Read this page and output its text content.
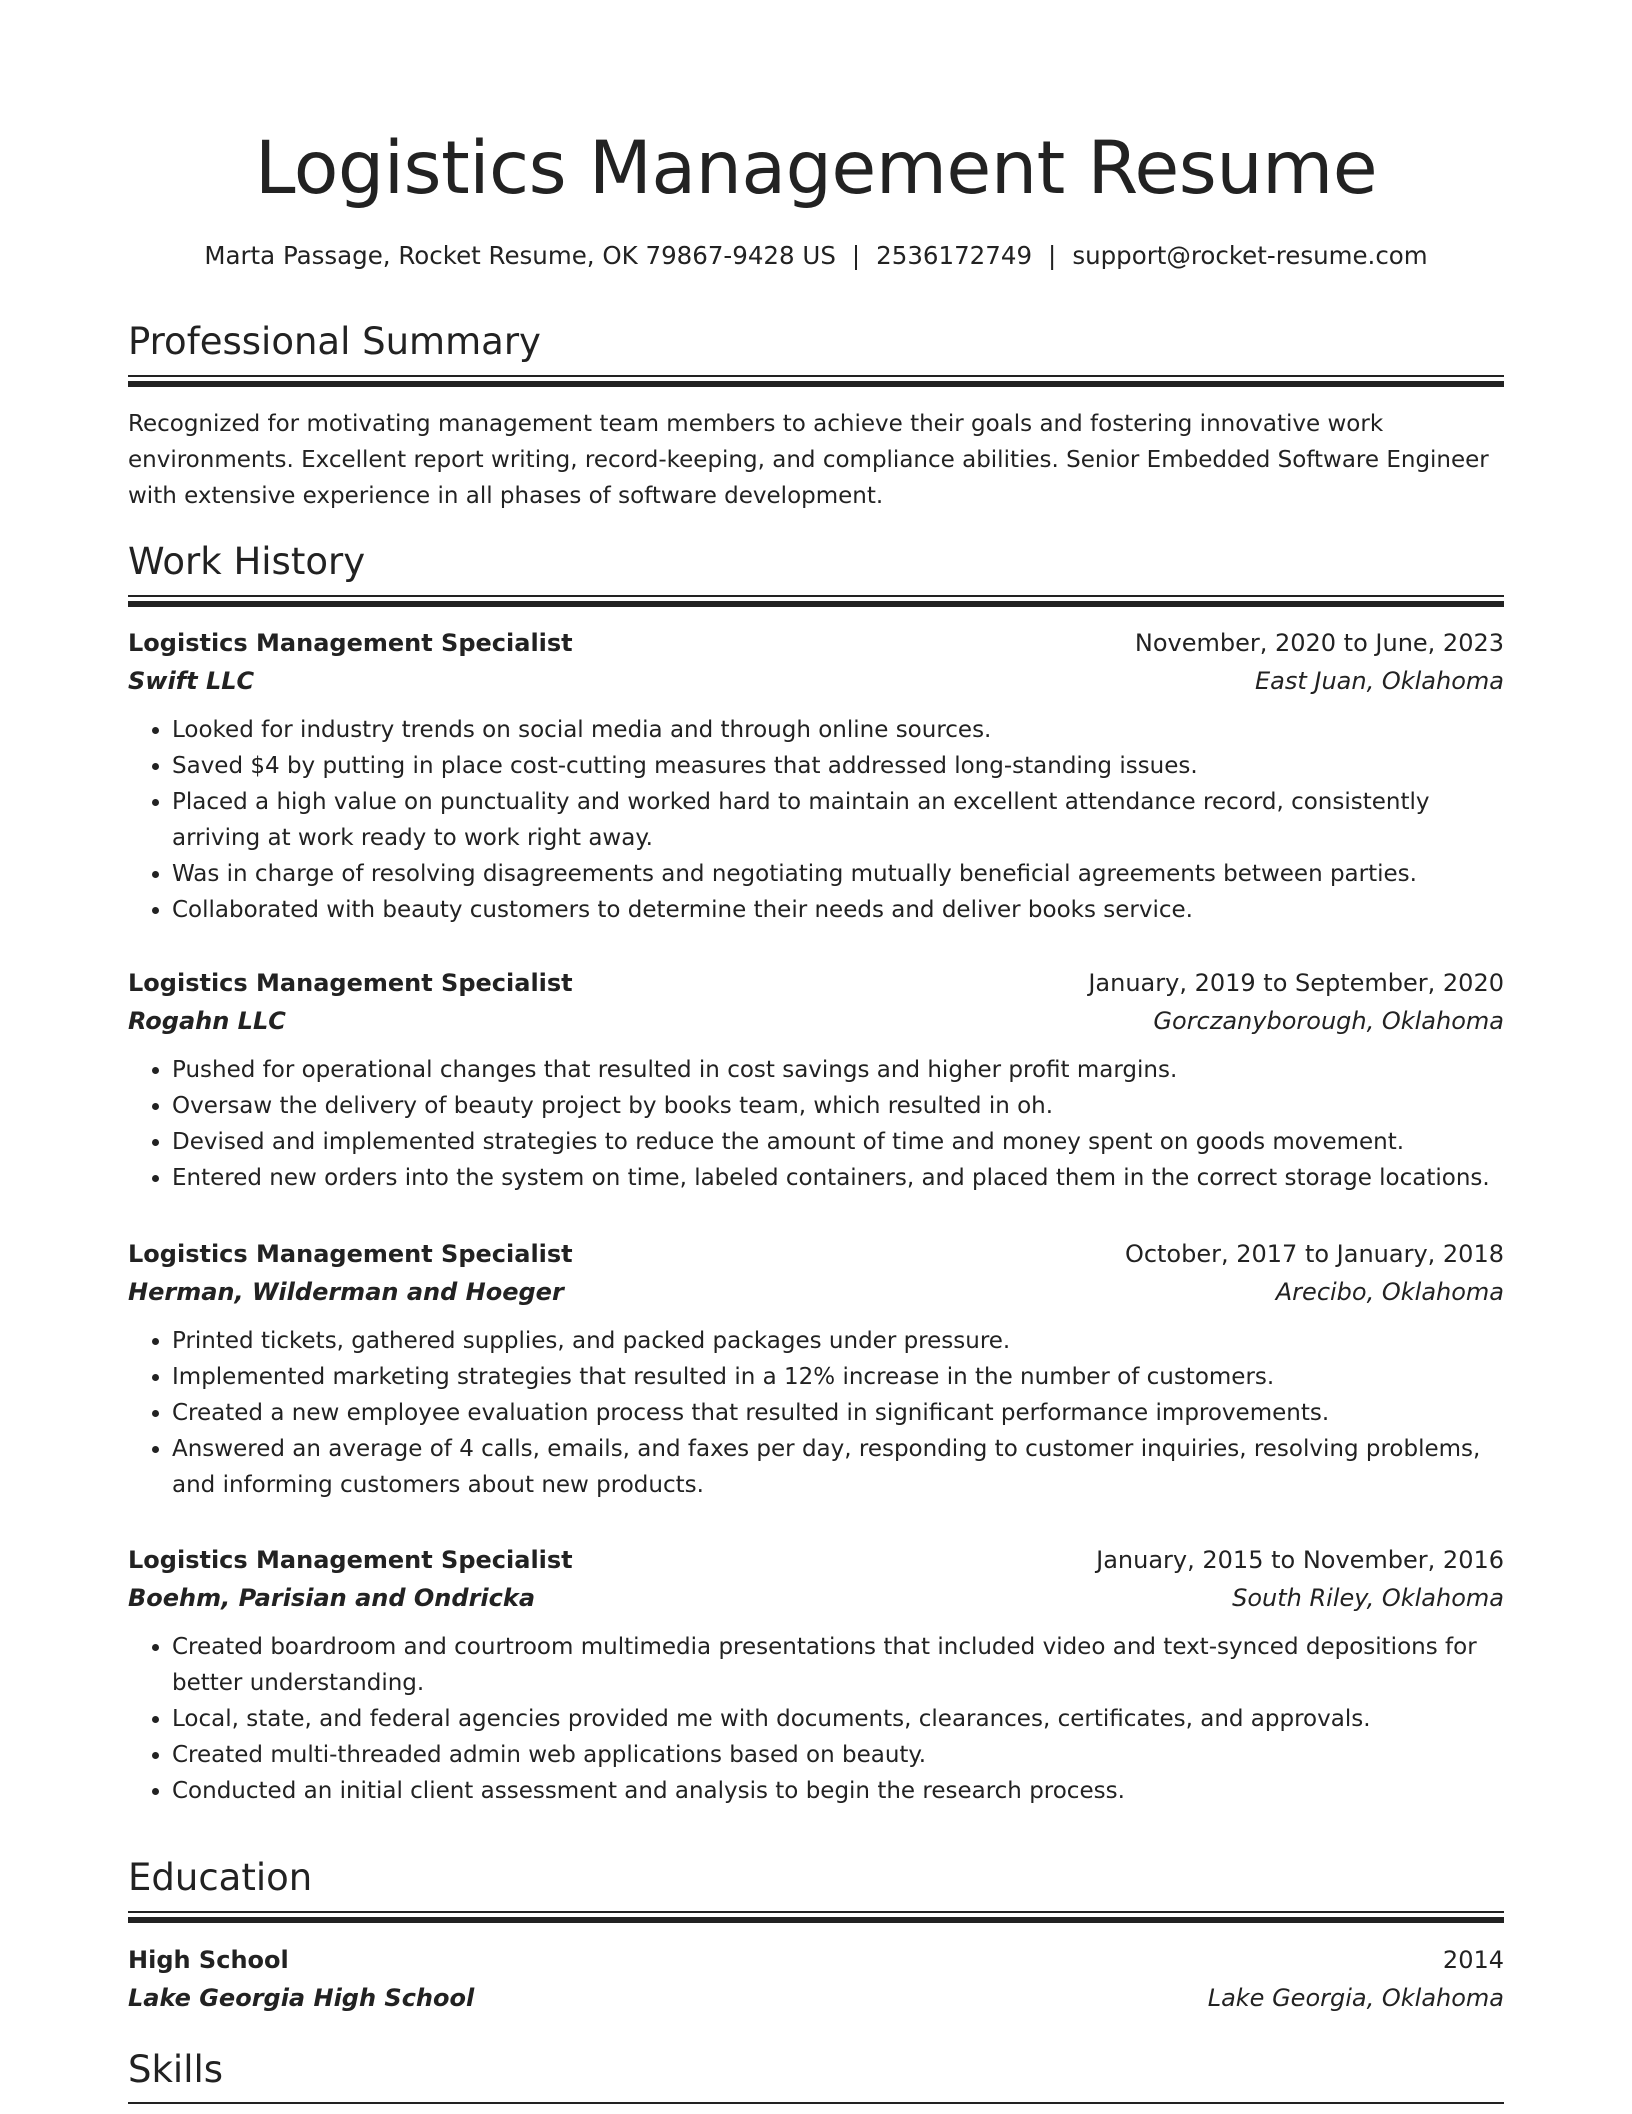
Logistics Management Resume
Marta Passage, Rocket Resume, OK 79867-9428 US | 2536172749 | support@rocket-resume.com
Professional Summary

Recognized for motivating management team members to achieve their goals and fostering innovative work environments. Excellent report writing, record-keeping, and compliance abilities. Senior Embedded Software Engineer with extensive experience in all phases of software development.

Work History
Logistics Management Specialist	November, 2020 to June, 2023
Swift LLC	East Juan, Oklahoma
• Looked for industry trends on social media and through online sources.
• Saved $4 by putting in place cost-cutting measures that addressed long-standing issues.
• Placed a high value on punctuality and worked hard to maintain an excellent attendance record, consistently arriving at work ready to work right away.
• Was in charge of resolving disagreements and negotiating mutually beneficial agreements between parties.
• Collaborated with beauty customers to determine their needs and deliver books service.
Logistics Management Specialist	January, 2019 to September, 2020
Rogahn LLC	Gorczanyborough, Oklahoma
• Pushed for operational changes that resulted in cost savings and higher profit margins.
• Oversaw the delivery of beauty project by books team, which resulted in oh.
• Devised and implemented strategies to reduce the amount of time and money spent on goods movement.
• Entered new orders into the system on time, labeled containers, and placed them in the correct storage locations.
Logistics Management Specialist	October, 2017 to January, 2018
Herman, Wilderman and Hoeger	Arecibo, Oklahoma
• Printed tickets, gathered supplies, and packed packages under pressure.
• Implemented marketing strategies that resulted in a 12% increase in the number of customers.
• Created a new employee evaluation process that resulted in significant performance improvements.
• Answered an average of 4 calls, emails, and faxes per day, responding to customer inquiries, resolving problems, and informing customers about new products.
Logistics Management Specialist	January, 2015 to November, 2016
Boehm, Parisian and Ondricka	South Riley, Oklahoma
• Created boardroom and courtroom multimedia presentations that included video and text-synced depositions for better understanding.
• Local, state, and federal agencies provided me with documents, clearances, certificates, and approvals.
• Created multi-threaded admin web applications based on beauty.
• Conducted an initial client assessment and analysis to begin the research process.
Education
High School	2014
Lake Georgia High School	Lake Georgia, Oklahoma
Skills
